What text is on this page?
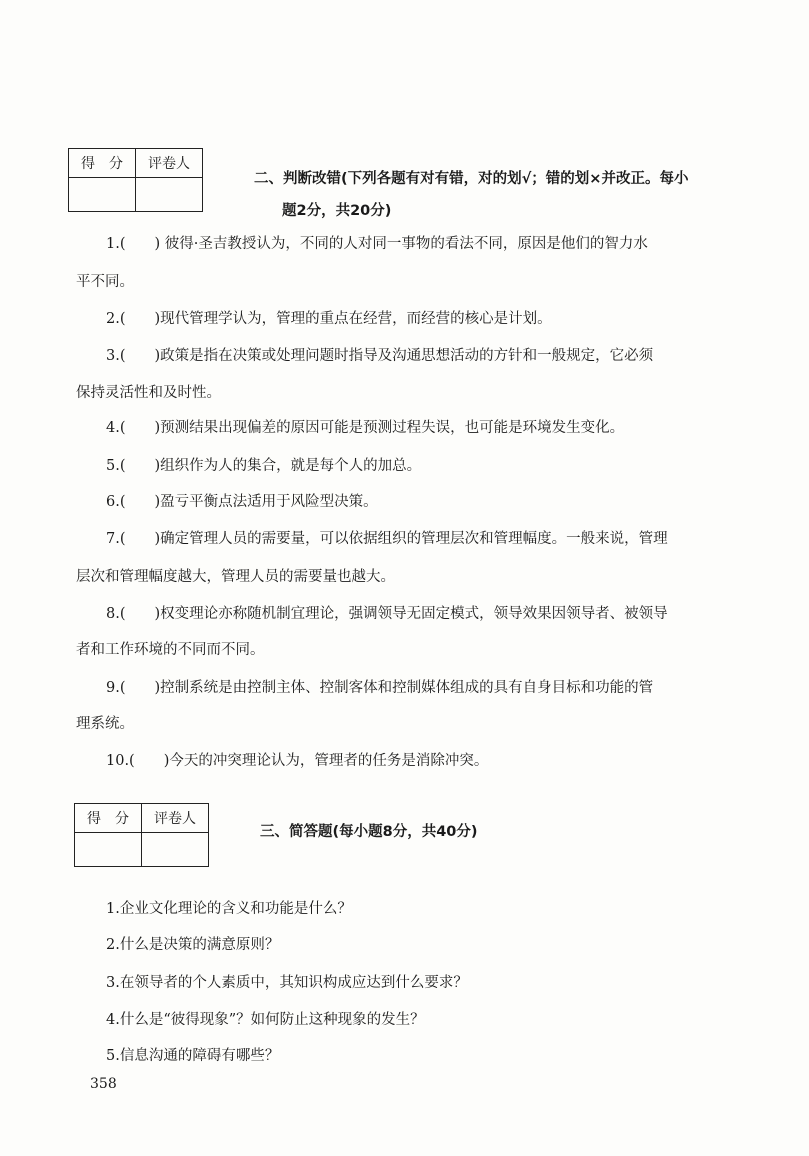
得　分	评卷人

二、判断改错(下列各题有对有错，对的划√；错的划×并改正。每小
题2分，共20分)
1.(　　) 彼得·圣吉教授认为，不同的人对同一事物的看法不同，原因是他们的智力水
平不同。
2.(　　)现代管理学认为，管理的重点在经营，而经营的核心是计划。
3.(　　)政策是指在决策或处理问题时指导及沟通思想活动的方针和一般规定，它必须
保持灵活性和及时性。
4.(　　)预测结果出现偏差的原因可能是预测过程失误，也可能是环境发生变化。
5.(　　)组织作为人的集合，就是每个人的加总。
6.(　　)盈亏平衡点法适用于风险型决策。
7.(　　)确定管理人员的需要量，可以依据组织的管理层次和管理幅度。一般来说，管理
层次和管理幅度越大，管理人员的需要量也越大。
8.(　　)权变理论亦称随机制宜理论，强调领导无固定模式，领导效果因领导者、被领导
者和工作环境的不同而不同。
9.(　　)控制系统是由控制主体、控制客体和控制媒体组成的具有自身目标和功能的管
理系统。
10.(　　)今天的冲突理论认为，管理者的任务是消除冲突。
得　分	评卷人

三、简答题(每小题8分，共40分)
1.企业文化理论的含义和功能是什么？
2.什么是决策的满意原则？
3.在领导者的个人素质中，其知识构成应达到什么要求？
4.什么是“彼得现象”？如何防止这种现象的发生？
5.信息沟通的障碍有哪些？
358
